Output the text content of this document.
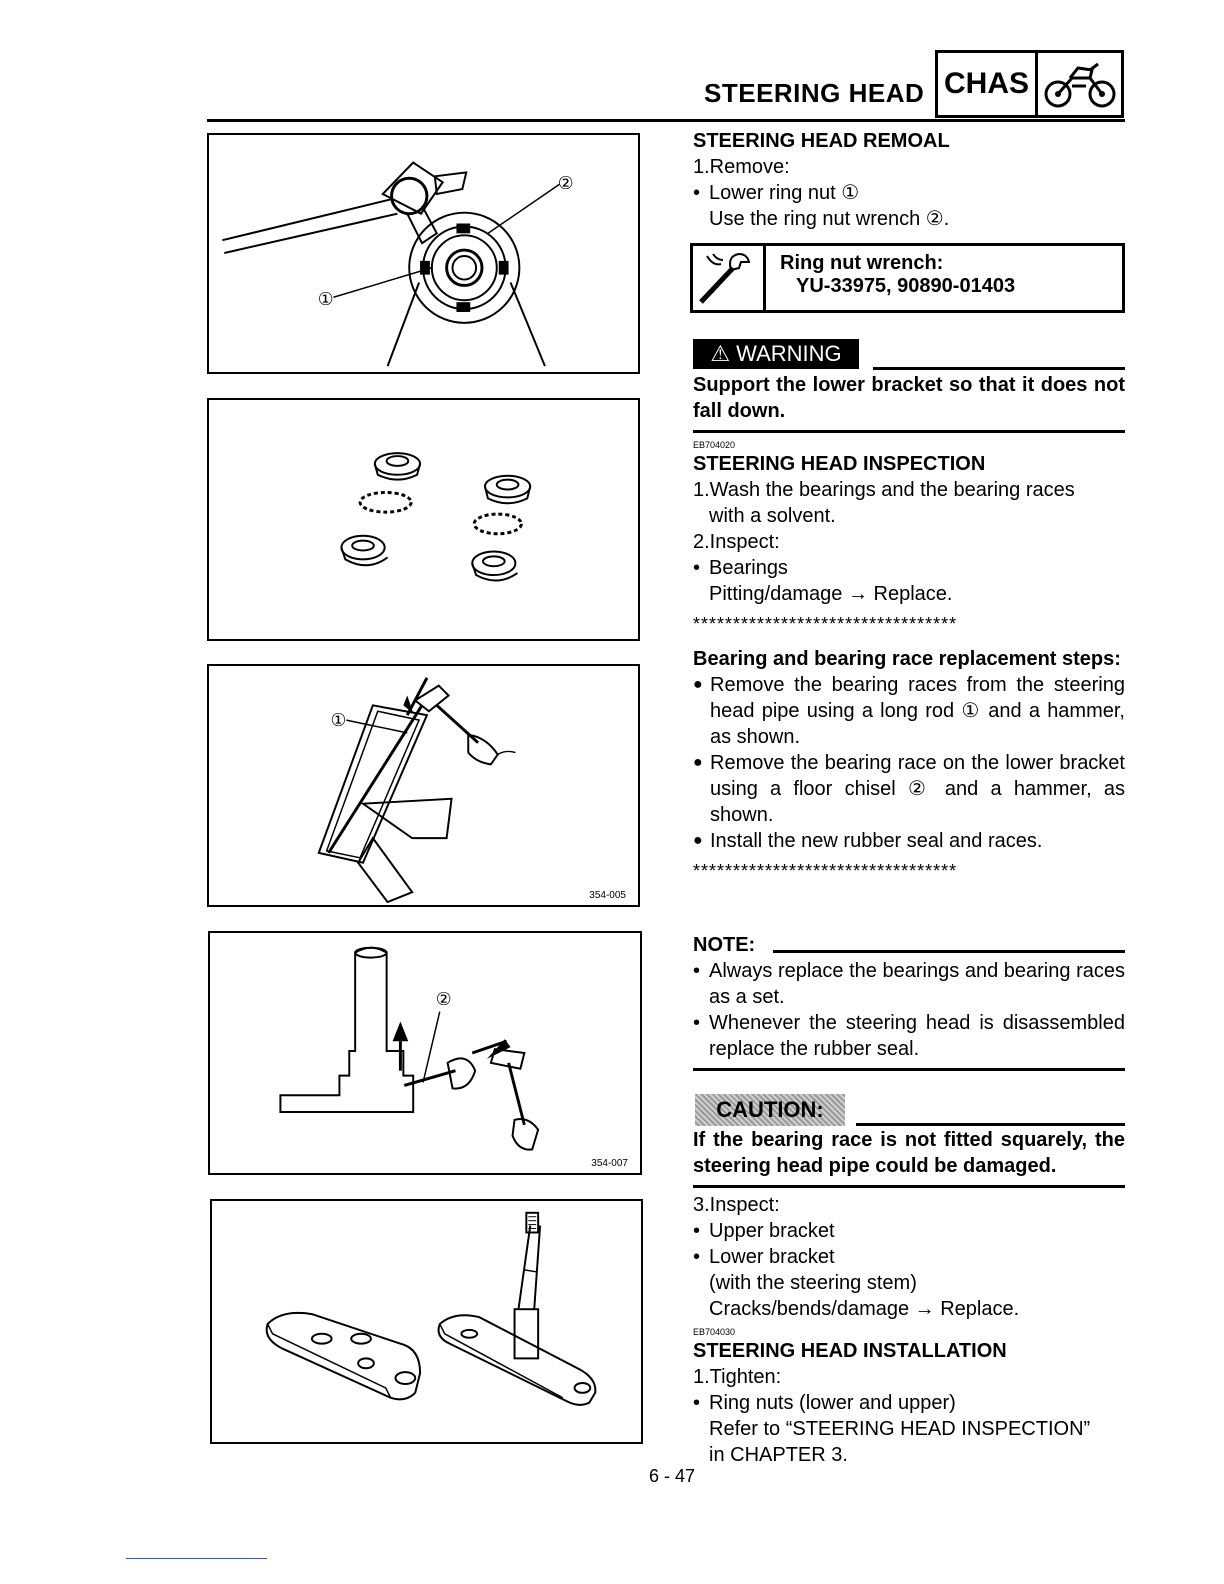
STEERING HEAD CHAS
①
②
①
354-005
②
354-007
STEERING HEAD REMOAL
1.Remove:
• Lower ring nut ①
Use the ring nut wrench ②.
Ring nut wrench:
YU-33975, 90890-01403
⚠ WARNING
Support the lower bracket so that it does not fall down.
EB704020
STEERING HEAD INSPECTION
1.Wash the bearings and the bearing races
with a solvent.
2.Inspect:
• Bearings
Pitting/damage → Replace.
*********************************
Bearing and bearing race replacement steps:
● Remove the bearing races from the steering head pipe using a long rod ① and a hammer, as shown.
● Remove the bearing race on the lower bracket using a floor chisel ② and a hammer, as shown.
● Install the new rubber seal and races.
*********************************
NOTE:
• Always replace the bearings and bearing races as a set.
• Whenever the steering head is disassembled replace the rubber seal.
CAUTION:
If the bearing race is not fitted squarely, the steering head pipe could be damaged.
3.Inspect:
• Upper bracket
• Lower bracket
(with the steering stem)
Cracks/bends/damage → Replace.
EB704030
STEERING HEAD INSTALLATION
1.Tighten:
• Ring nuts (lower and upper)
Refer to “STEERING HEAD INSPECTION”
in CHAPTER 3.
6 - 47
